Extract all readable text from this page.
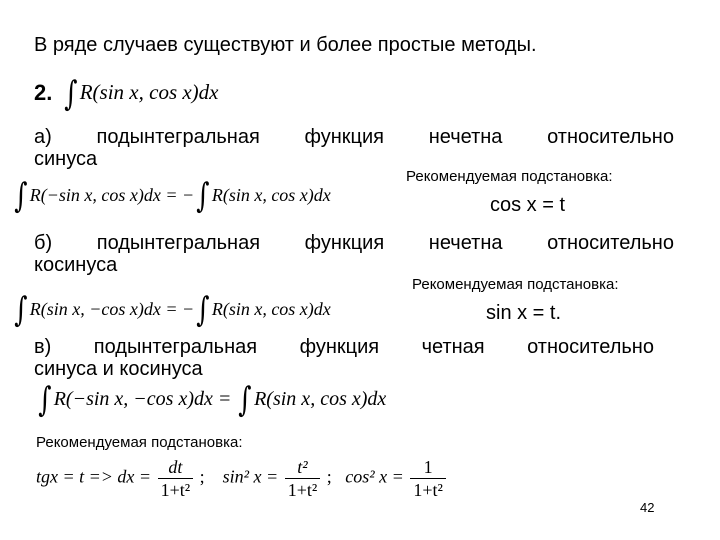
В ряде случаев существуют и более простые методы.
2. ∫ R(sin x, cos x)dx
а) подынтегральная функция нечетна относительно
синуса
Рекомендуемая подстановка:
∫ R(−sin x, cos x)dx = −∫ R(sin x, cos x)dx	cos x = t
б) подынтегральная функция нечетна относительно
косинуса
Рекомендуемая подстановка:
∫ R(sin x, −cos x)dx = −∫ R(sin x, cos x)dx	sin x = t.
в) подынтегральная функция четная относительно
синуса и косинуса
∫ R(−sin x, −cos x)dx = ∫ R(sin x, cos x)dx
Рекомендуемая подстановка:
tgx = t => dx = $\frac{dt}{\text{1+t²}}$ ; sin² $x = \frac{\text{t²}}{\text{1+t²}}$ ; cos² $x = \frac{1}{\text{1+t²}}$
42
